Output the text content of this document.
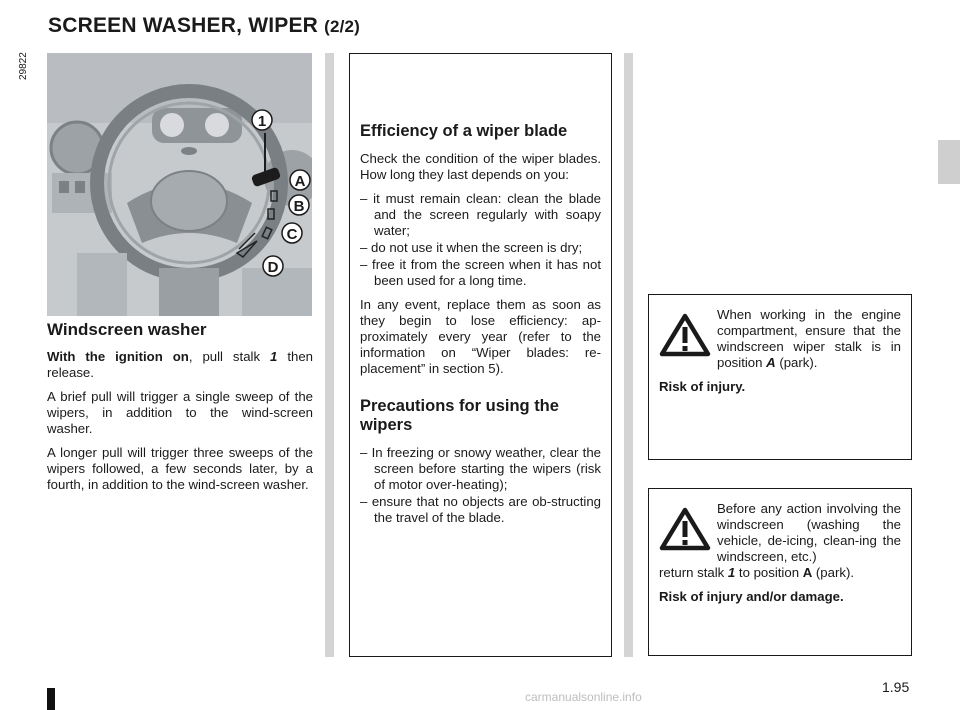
SCREEN WASHER, WIPER (2/2)
29822
1
A
B
C
D
Windscreen washer

With the ignition on, pull stalk 1 then release.

A brief pull will trigger a single sweep of the wipers, in addition to the wind-screen washer.

A longer pull will trigger three sweeps of the wipers followed, a few seconds later, by a fourth, in addition to the wind-screen washer.

Efficiency of a wiper blade

Check the condition of the wiper blades. How long they last depends on you:

– it must remain clean: clean the blade and the screen regularly with soapy water;
– do not use it when the screen is dry;
– free it from the screen when it has not been used for a long time.

In any event, replace them as soon as they begin to lose efficiency: ap-proximately every year (refer to the information on “Wiper blades: re-placement” in section 5).

Precautions for using the wipers
– In freezing or snowy weather, clear the screen before starting the wipers (risk of motor over-heating);
– ensure that no objects are ob-structing the travel of the blade.
When working in the engine compartment, ensure that the windscreen wiper stalk is in position A (park).
Risk of injury.
Before any action involving the windscreen (washing the vehicle, de-icing, clean-ing the windscreen, etc.)
return stalk 1 to position A (park).
Risk of injury and/or damage.
1.95
carmanualsonline.info
